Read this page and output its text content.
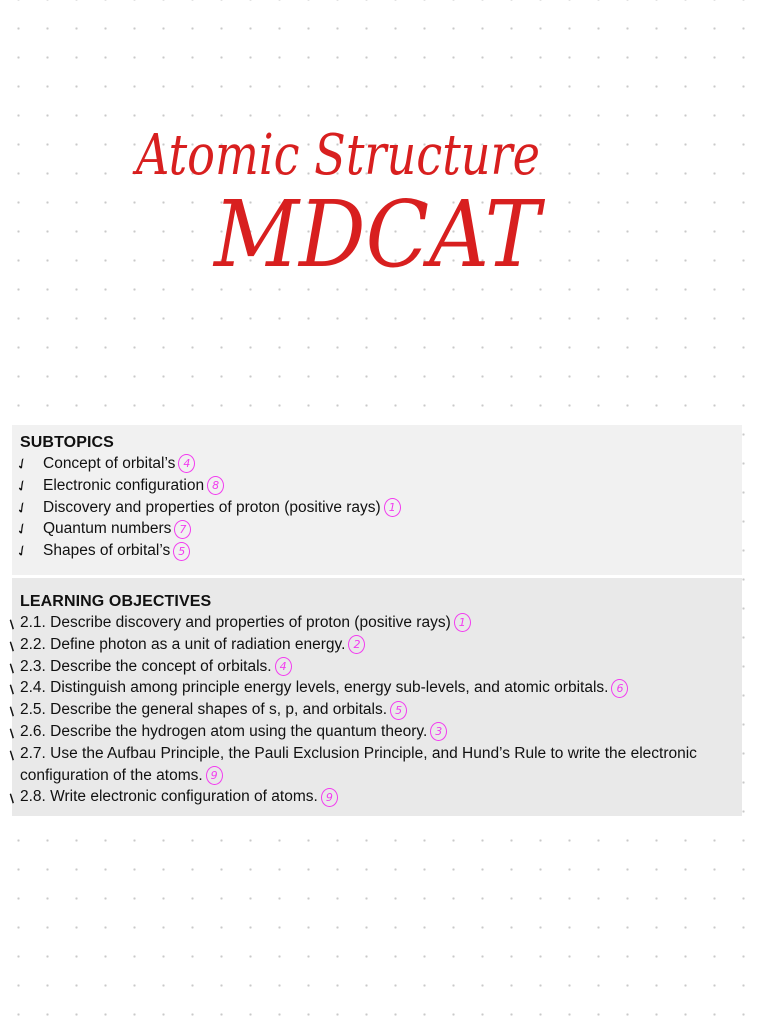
Atomic Structure
MDCAT
SUBTOPICS
✓ Concept of orbital’s 4
✓ Electronic configuration 8
✓ Discovery and properties of proton (positive rays) 1
✓ Quantum numbers 7
✓ Shapes of orbital’s 5
LEARNING OBJECTIVES
/ 2.1. Describe discovery and properties of proton (positive rays) 1
/ 2.2. Define photon as a unit of radiation energy. 2
/ 2.3. Describe the concept of orbitals. 4
/ 2.4. Distinguish among principle energy levels, energy sub-levels, and atomic orbitals. 6
/ 2.5. Describe the general shapes of s, p, and orbitals. 5
/ 2.6. Describe the hydrogen atom using the quantum theory. 3
/ 2.7. Use the Aufbau Principle, the Pauli Exclusion Principle, and Hund’s Rule to write the electronic configuration of the atoms. 9
/ 2.8. Write electronic configuration of atoms. 9
